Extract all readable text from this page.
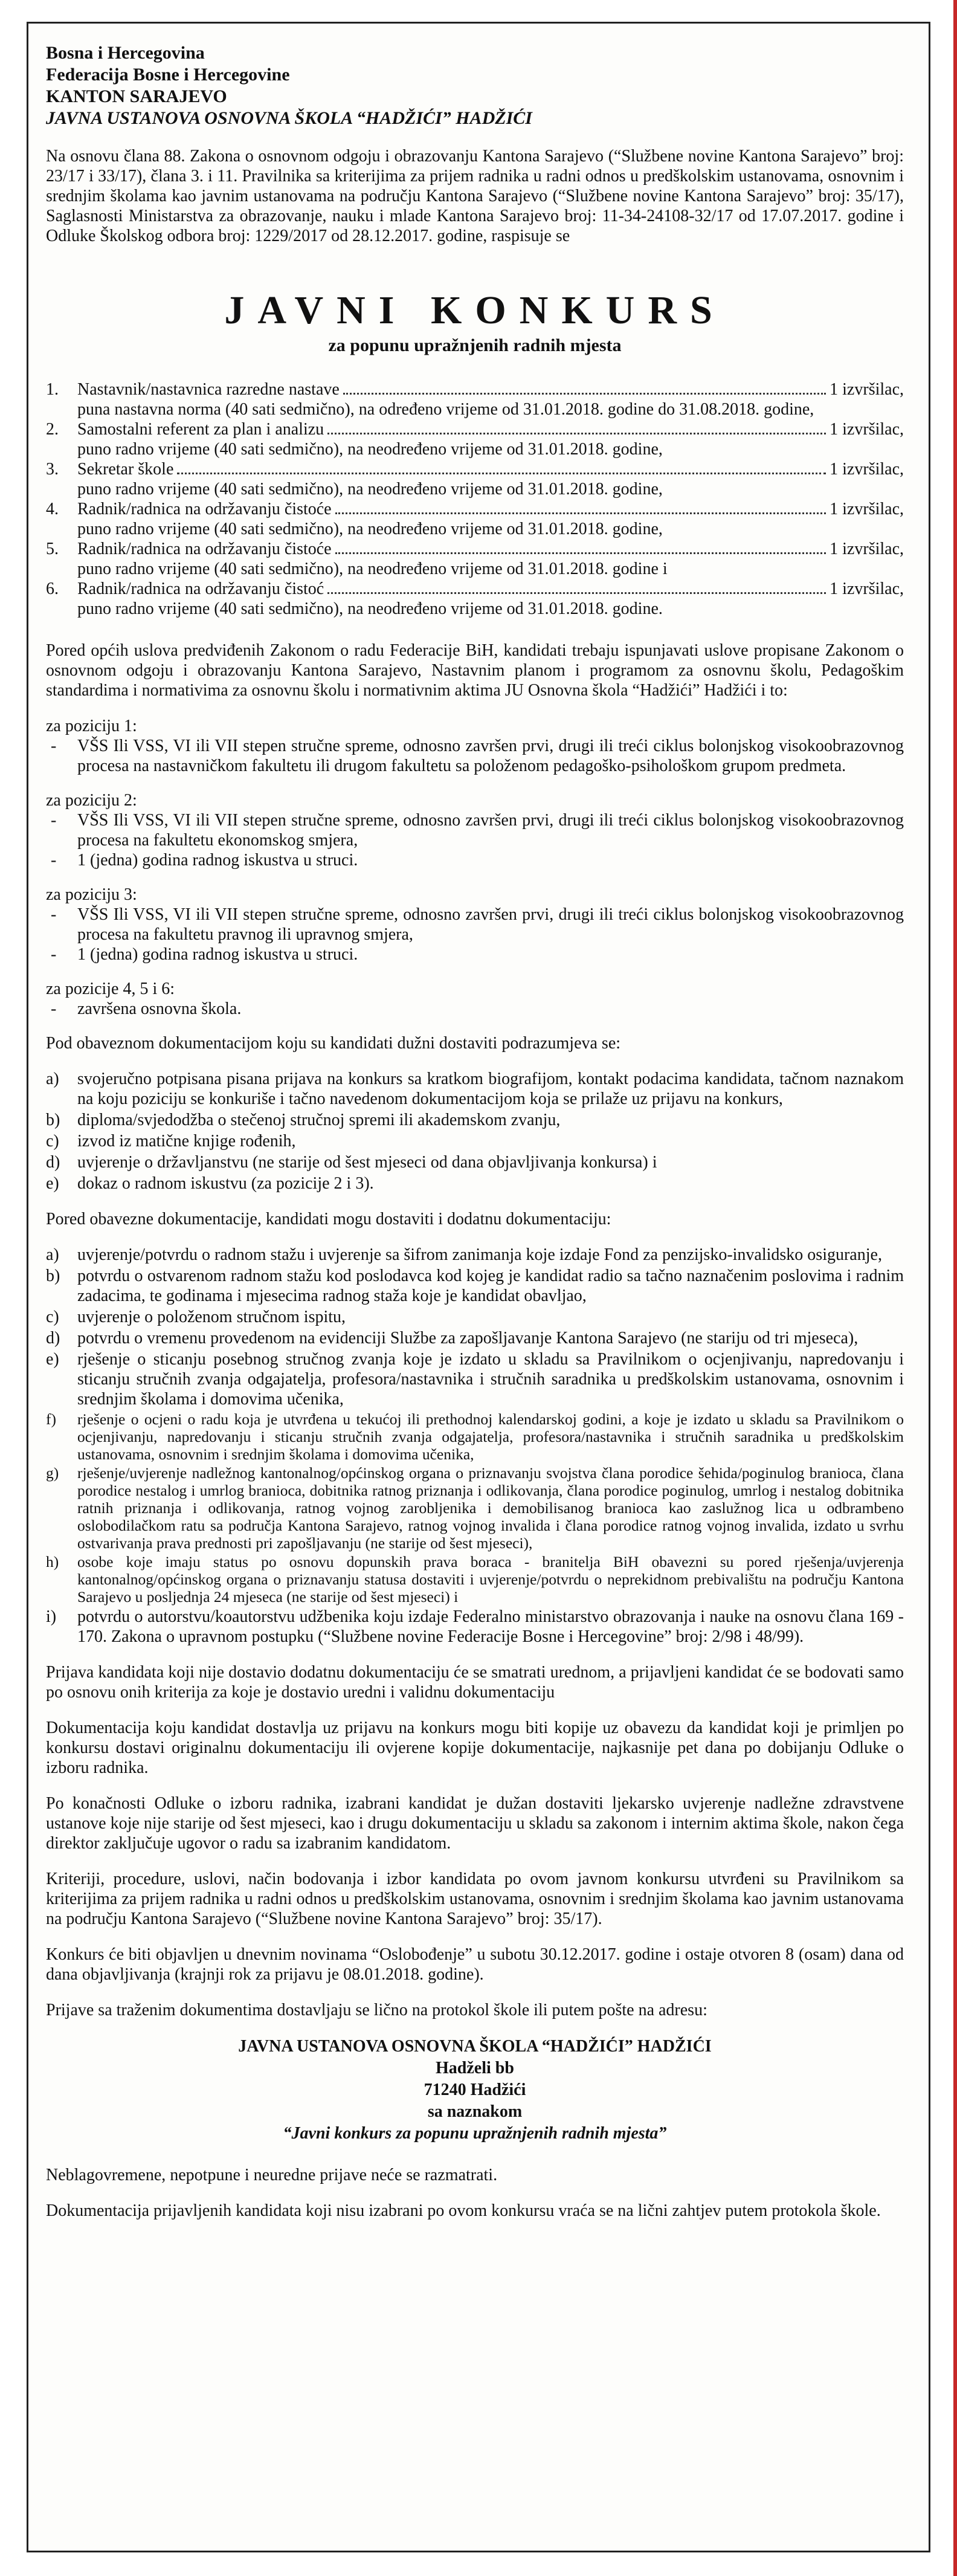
Bosna i Hercegovina
Federacija Bosne i Hercegovine
KANTON SARAJEVO
JAVNA USTANOVA OSNOVNA ŠKOLA “HADŽIĆI” HADŽIĆI

Na osnovu člana 88. Zakona o osnovnom odgoju i obrazovanju Kantona Sarajevo (“Službene novine Kantona Sarajevo” broj: 23/17 i 33/17), člana 3. i 11. Pravilnika sa kriterijima za prijem radnika u radni odnos u predškolskim ustanovama, osnovnim i srednjim školama kao javnim ustanovama na području Kantona Sarajevo (“Službene novine Kantona Sarajevo” broj: 35/17), Saglasnosti Ministarstva za obrazovanje, nauku i mlade Kantona Sarajevo broj: 11-34-24108-32/17 od 17.07.2017. godine i Odluke Školskog odbora broj: 1229/2017 od 28.12.2017. godine, raspisuje se

JAVNI KONKURS
za popunu upražnjenih radnih mjesta
1.	Nastavnik/nastavnica razredne nastave	1 izvršilac,
puna nastavna norma (40 sati sedmično), na određeno vrijeme od 31.01.2018. godine do 31.08.2018. godine,
2.	Samostalni referent za plan i analizu	1 izvršilac,
puno radno vrijeme (40 sati sedmično), na neodređeno vrijeme od 31.01.2018. godine,
3.	Sekretar škole	1 izvršilac,
puno radno vrijeme (40 sati sedmično), na neodređeno vrijeme od 31.01.2018. godine,
4.	Radnik/radnica na održavanju čistoće	1 izvršilac,
puno radno vrijeme (40 sati sedmično), na neodređeno vrijeme od 31.01.2018. godine,
5.	Radnik/radnica na održavanju čistoće	1 izvršilac,
puno radno vrijeme (40 sati sedmično), na neodređeno vrijeme od 31.01.2018. godine i
6.	Radnik/radnica na održavanju čistoć	1 izvršilac,
puno radno vrijeme (40 sati sedmično), na neodređeno vrijeme od 31.01.2018. godine.

Pored općih uslova predviđenih Zakonom o radu Federacije BiH, kandidati trebaju ispunjavati uslove propisane Zakonom o osnovnom odgoju i obrazovanju Kantona Sarajevo, Nastavnim planom i programom za osnovnu školu, Pedagoškim standardima i normativima za osnovnu školu i normativnim aktima JU Osnovna škola “Hadžići” Hadžići i to:

za poziciju 1:
-	VŠS Ili VSS, VI ili VII stepen stručne spreme, odnosno završen prvi, drugi ili treći ciklus bolonjskog visokoobrazovnog procesa na nastavničkom fakultetu ili drugom fakultetu sa položenom pedagoško-psihološkom grupom predmeta.
za poziciju 2:
-	VŠS Ili VSS, VI ili VII stepen stručne spreme, odnosno završen prvi, drugi ili treći ciklus bolonjskog visokoobrazovnog procesa na fakultetu ekonomskog smjera,
-	1 (jedna) godina radnog iskustva u struci.
za poziciju 3:
-	VŠS Ili VSS, VI ili VII stepen stručne spreme, odnosno završen prvi, drugi ili treći ciklus bolonjskog visokoobrazovnog procesa na fakultetu pravnog ili upravnog smjera,
-	1 (jedna) godina radnog iskustva u struci.
za pozicije 4, 5 i 6:
-	završena osnovna škola.

Pod obaveznom dokumentacijom koju su kandidati dužni dostaviti podrazumjeva se:

a)	svojeručno potpisana pisana prijava na konkurs sa kratkom biografijom, kontakt podacima kandidata, tačnom naznakom na koju poziciju se konkuriše i tačno navedenom dokumentacijom koja se prilaže uz prijavu na konkurs,
b)	diploma/svjedodžba o stečenoj stručnoj spremi ili akademskom zvanju,
c)	izvod iz matične knjige rođenih,
d)	uvjerenje o državljanstvu (ne starije od šest mjeseci od dana objavljivanja konkursa) i
e)	dokaz o radnom iskustvu (za pozicije 2 i 3).

Pored obavezne dokumentacije, kandidati mogu dostaviti i dodatnu dokumentaciju:

a)	uvjerenje/potvrdu o radnom stažu i uvjerenje sa šifrom zanimanja koje izdaje Fond za penzijsko-invalidsko osiguranje,
b)	potvrdu o ostvarenom radnom stažu kod poslodavca kod kojeg je kandidat radio sa tačno naznačenim poslovima i radnim zadacima, te godinama i mjesecima radnog staža koje je kandidat obavljao,
c)	uvjerenje o položenom stručnom ispitu,
d)	potvrdu o vremenu provedenom na evidenciji Službe za zapošljavanje Kantona Sarajevo (ne stariju od tri mjeseca),
e)	rješenje o sticanju posebnog stručnog zvanja koje je izdato u skladu sa Pravilnikom o ocjenjivanju, napredovanju i sticanju stručnih zvanja odgajatelja, profesora/nastavnika i stručnih saradnika u predškolskim ustanovama, osnovnim i srednjim školama i domovima učenika,
f)	rješenje o ocjeni o radu koja je utvrđena u tekućoj ili prethodnoj kalendarskoj godini, a koje je izdato u skladu sa Pravilnikom o ocjenjivanju, napredovanju i sticanju stručnih zvanja odgajatelja, profesora/nastavnika i stručnih saradnika u predškolskim ustanovama, osnovnim i srednjim školama i domovima učenika,
g)	rješenje/uvjerenje nadležnog kantonalnog/općinskog organa o priznavanju svojstva člana porodice šehida/poginulog branioca, člana porodice nestalog i umrlog branioca, dobitnika ratnog priznanja i odlikovanja, člana porodice poginulog, umrlog i nestalog dobitnika ratnih priznanja i odlikovanja, ratnog vojnog zarobljenika i demobilisanog branioca kao zaslužnog lica u odbrambeno oslobodilačkom ratu sa područja Kantona Sarajevo, ratnog vojnog invalida i člana porodice ratnog vojnog invalida, izdato u svrhu ostvarivanja prava prednosti pri zapošljavanju (ne starije od šest mjeseci),
h)	osobe koje imaju status po osnovu dopunskih prava boraca - branitelja BiH obavezni su pored rješenja/uvjerenja kantonalnog/općinskog organa o priznavanju statusa dostaviti i uvjerenje/potvrdu o neprekidnom prebivalištu na području Kantona Sarajevo u posljednja 24 mjeseca (ne starije od šest mjeseci) i
i)	potvrdu o autorstvu/koautorstvu udžbenika koju izdaje Federalno ministarstvo obrazovanja i nauke na osnovu člana 169 - 170. Zakona o upravnom postupku (“Službene novine Federacije Bosne i Hercegovine” broj: 2/98 i 48/99).

Prijava kandidata koji nije dostavio dodatnu dokumentaciju će se smatrati urednom, a prijavljeni kandidat će se bodovati samo po osnovu onih kriterija za koje je dostavio uredni i validnu dokumentaciju

Dokumentacija koju kandidat dostavlja uz prijavu na konkurs mogu biti kopije uz obavezu da kandidat koji je primljen po konkursu dostavi originalnu dokumentaciju ili ovjerene kopije dokumentacije, najkasnije pet dana po dobijanju Odluke o izboru radnika.

Po konačnosti Odluke o izboru radnika, izabrani kandidat je dužan dostaviti ljekarsko uvjerenje nadležne zdravstvene ustanove koje nije starije od šest mjeseci, kao i drugu dokumentaciju u skladu sa zakonom i internim aktima škole, nakon čega direktor zaključuje ugovor o radu sa izabranim kandidatom.

Kriteriji, procedure, uslovi, način bodovanja i izbor kandidata po ovom javnom konkursu utvrđeni su Pravilnikom sa kriterijima za prijem radnika u radni odnos u predškolskim ustanovama, osnovnim i srednjim školama kao javnim ustanovama na području Kantona Sarajevo (“Službene novine Kantona Sarajevo” broj: 35/17).

Konkurs će biti objavljen u dnevnim novinama “Oslobođenje” u subotu 30.12.2017. godine i ostaje otvoren 8 (osam) dana od dana objavljivanja (krajnji rok za prijavu je 08.01.2018. godine).

Prijave sa traženim dokumentima dostavljaju se lično na protokol škole ili putem pošte na adresu:

JAVNA USTANOVA OSNOVNA ŠKOLA “HADŽIĆI” HADŽIĆI
Hadželi bb
71240 Hadžići
sa naznakom
“Javni konkurs za popunu upražnjenih radnih mjesta”

Neblagovremene, nepotpune i neuredne prijave neće se razmatrati.

Dokumentacija prijavljenih kandidata koji nisu izabrani po ovom konkursu vraća se na lični zahtjev putem protokola škole.
